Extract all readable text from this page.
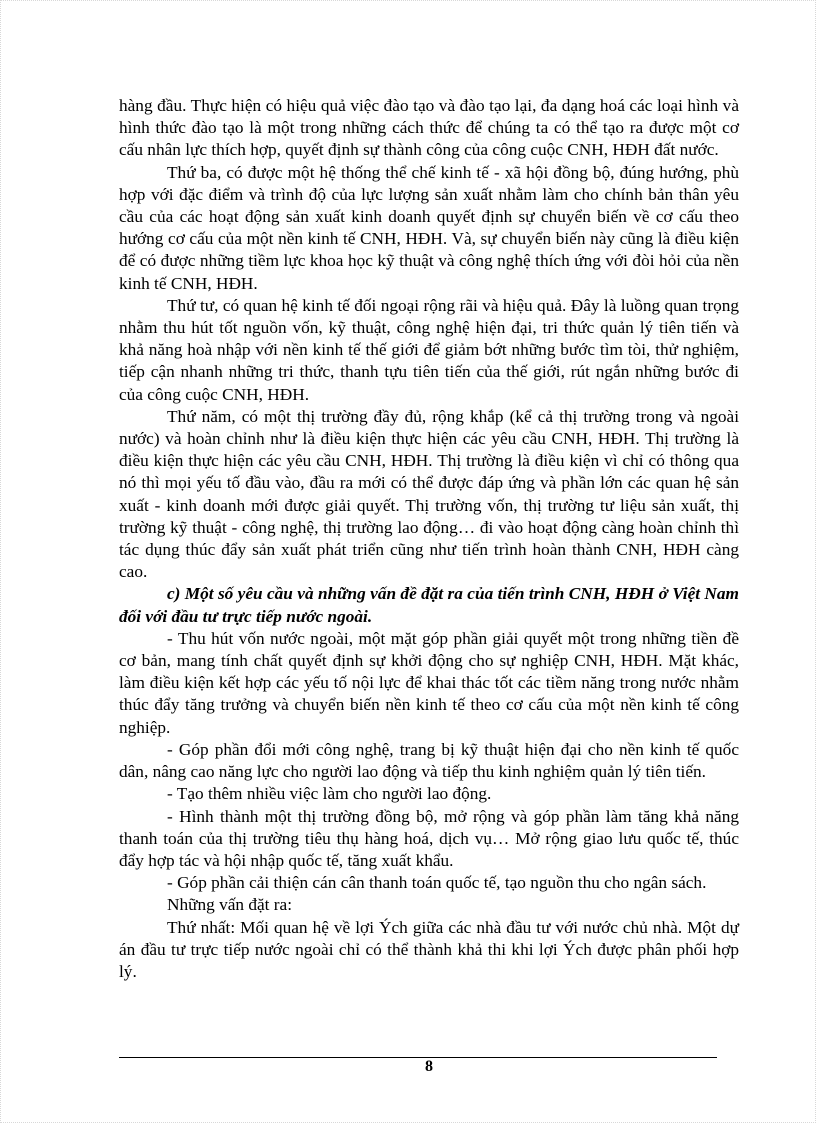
hàng đầu. Thực hiện có hiệu quả việc đào tạo và đào tạo lại, đa dạng hoá các loại hình và hình thức đào tạo là một trong những cách thức để chúng ta có thể tạo ra được một cơ cấu nhân lực thích hợp, quyết định sự thành công của công cuộc CNH, HĐH đất nước.

Thứ ba, có được một hệ thống thể chế kinh tế - xã hội đồng bộ, đúng hướng, phù hợp với đặc điểm và trình độ của lực lượng sản xuất nhằm làm cho chính bản thân yêu cầu của các hoạt động sản xuất kinh doanh quyết định sự chuyển biến về cơ cấu theo hướng cơ cấu của một nền kinh tế CNH, HĐH. Và, sự chuyển biến này cũng là điều kiện để có được những tiềm lực khoa học kỹ thuật và công nghệ thích ứng với đòi hỏi của nền kinh tế CNH, HĐH.

Thứ tư, có quan hệ kinh tế đối ngoại rộng rãi và hiệu quả. Đây là luồng quan trọng nhằm thu hút tốt nguồn vốn, kỹ thuật, công nghệ hiện đại, tri thức quản lý tiên tiến và khả năng hoà nhập với nền kinh tế thế giới để giảm bớt những bước tìm tòi, thử nghiệm, tiếp cận nhanh những tri thức, thanh tựu tiên tiến của thế giới, rút ngắn những bước đi của công cuộc CNH, HĐH.

Thứ năm, có một thị trường đầy đủ, rộng khắp (kể cả thị trường trong và ngoài nước) và hoàn chỉnh như là điều kiện thực hiện các yêu cầu CNH, HĐH. Thị trường là điều kiện thực hiện các yêu cầu CNH, HĐH. Thị trường là điều kiện vì chỉ có thông qua nó thì mọi yếu tố đầu vào, đầu ra mới có thể được đáp ứng và phần lớn các quan hệ sản xuất - kinh doanh mới được giải quyết. Thị trường vốn, thị trường tư liệu sản xuất, thị trường kỹ thuật - công nghệ, thị trường lao động… đi vào hoạt động càng hoàn chỉnh thì tác dụng thúc đẩy sản xuất phát triển cũng như tiến trình hoàn thành CNH, HĐH càng cao.

c) Một số yêu cầu và những vấn đề đặt ra của tiến trình CNH, HĐH ở Việt Nam đối với đầu tư trực tiếp nước ngoài.

- Thu hút vốn nước ngoài, một mặt góp phần giải quyết một trong những tiền đề cơ bản, mang tính chất quyết định sự khởi động cho sự nghiệp CNH, HĐH. Mặt khác, làm điều kiện kết hợp các yếu tố nội lực để khai thác tốt các tiềm năng trong nước nhằm thúc đẩy tăng trưởng và chuyển biến nền kinh tế theo cơ cấu của một nền kinh tế công nghiệp.

- Góp phần đổi mới công nghệ, trang bị kỹ thuật hiện đại cho nền kinh tế quốc dân, nâng cao năng lực cho người lao động và tiếp thu kinh nghiệm quản lý tiên tiến.

- Tạo thêm nhiều việc làm cho người lao động.

- Hình thành một thị trường đồng bộ, mở rộng và góp phần làm tăng khả năng thanh toán của thị trường tiêu thụ hàng hoá, dịch vụ… Mở rộng giao lưu quốc tế, thúc đẩy hợp tác và hội nhập quốc tế, tăng xuất khẩu.

- Góp phần cải thiện cán cân thanh toán quốc tế, tạo nguồn thu cho ngân sách.

Những vấn đặt ra:

Thứ nhất: Mối quan hệ về lợi Ých giữa các nhà đầu tư với nước chủ nhà. Một dự án đầu tư trực tiếp nước ngoài chỉ có thể thành khả thi khi lợi Ých được phân phối hợp lý.

8
